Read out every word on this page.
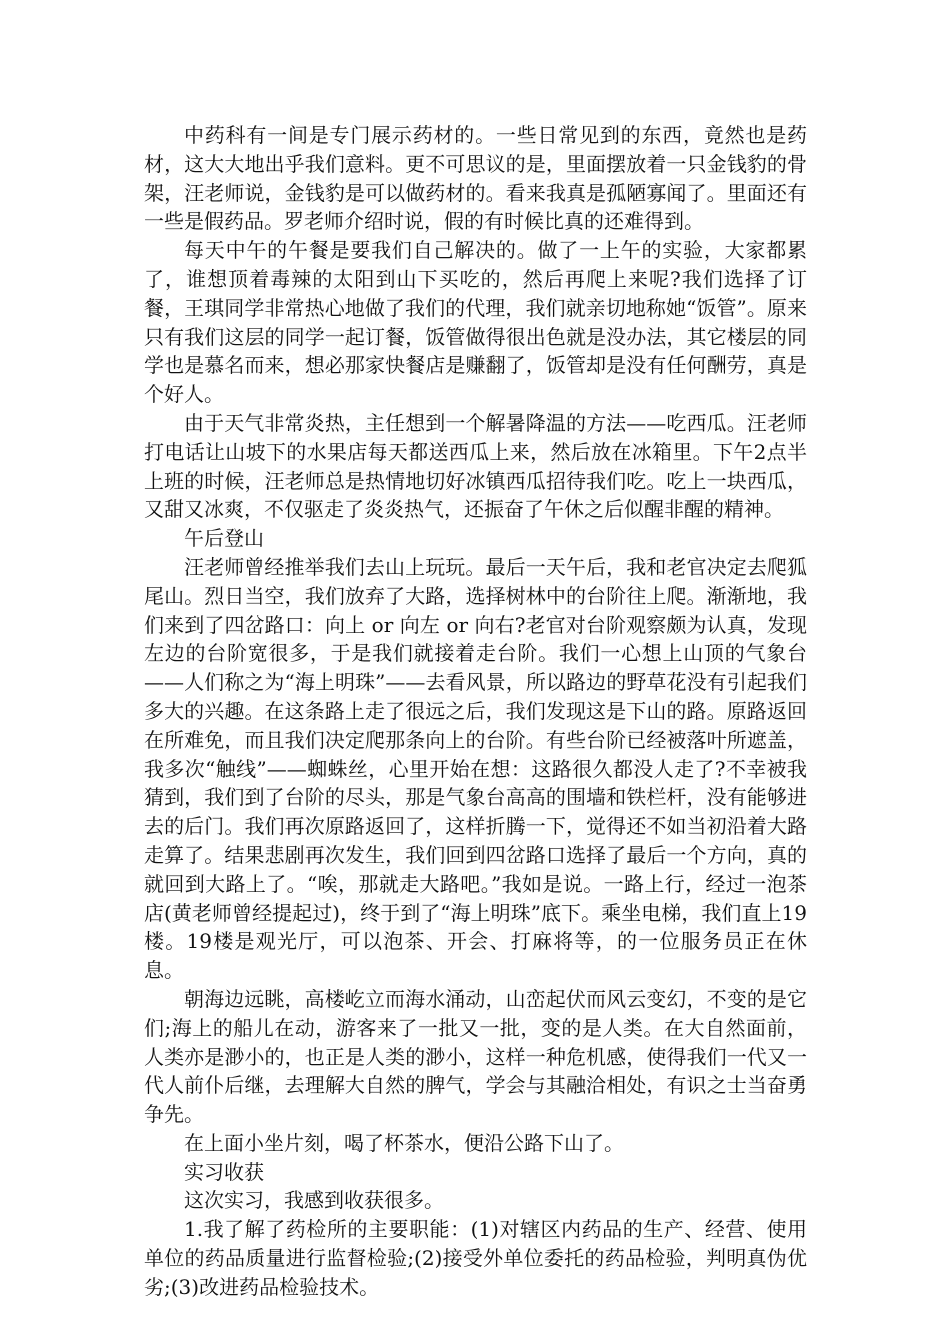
中药科有一间是专门展示药材的。一些日常见到的东西，竟然也是药材，这大大地出乎我们意料。更不可思议的是，里面摆放着一只金钱豹的骨架，汪老师说，金钱豹是可以做药材的。看来我真是孤陋寡闻了。里面还有一些是假药品。罗老师介绍时说，假的有时候比真的还难得到。

每天中午的午餐是要我们自己解决的。做了一上午的实验，大家都累了，谁想顶着毒辣的太阳到山下买吃的，然后再爬上来呢?我们选择了订餐，王琪同学非常热心地做了我们的代理，我们就亲切地称她“饭管”。原来只有我们这层的同学一起订餐，饭管做得很出色就是没办法，其它楼层的同学也是慕名而来，想必那家快餐店是赚翻了，饭管却是没有任何酬劳，真是个好人。

由于天气非常炎热，主任想到一个解暑降温的方法——吃西瓜。汪老师打电话让山坡下的水果店每天都送西瓜上来，然后放在冰箱里。下午2点半上班的时候，汪老师总是热情地切好冰镇西瓜招待我们吃。吃上一块西瓜，又甜又冰爽，不仅驱走了炎炎热气，还振奋了午休之后似醒非醒的精神。

午后登山

汪老师曾经推举我们去山上玩玩。最后一天午后，我和老官决定去爬狐尾山。烈日当空，我们放弃了大路，选择树林中的台阶往上爬。渐渐地，我们来到了四岔路口：向上 or 向左 or 向右?老官对台阶观察颇为认真，发现左边的台阶宽很多，于是我们就接着走台阶。我们一心想上山顶的气象台——人们称之为“海上明珠”——去看风景，所以路边的野草花没有引起我们多大的兴趣。在这条路上走了很远之后，我们发现这是下山的路。原路返回在所难免，而且我们决定爬那条向上的台阶。有些台阶已经被落叶所遮盖，我多次“触线”——蜘蛛丝，心里开始在想：这路很久都没人走了?不幸被我猜到，我们到了台阶的尽头，那是气象台高高的围墙和铁栏杆，没有能够进去的后门。我们再次原路返回了，这样折腾一下，觉得还不如当初沿着大路走算了。结果悲剧再次发生，我们回到四岔路口选择了最后一个方向，真的就回到大路上了。“唉，那就走大路吧。”我如是说。一路上行，经过一泡茶店(黄老师曾经提起过)，终于到了“海上明珠”底下。乘坐电梯，我们直上19楼。19楼是观光厅，可以泡茶、开会、打麻将等，的一位服务员正在休息。

朝海边远眺，高楼屹立而海水涌动，山峦起伏而风云变幻，不变的是它们;海上的船儿在动，游客来了一批又一批，变的是人类。在大自然面前，人类亦是渺小的，也正是人类的渺小，这样一种危机感，使得我们一代又一代人前仆后继，去理解大自然的脾气，学会与其融洽相处，有识之士当奋勇争先。

在上面小坐片刻，喝了杯茶水，便沿公路下山了。

实习收获

这次实习，我感到收获很多。

1.我了解了药检所的主要职能：(1)对辖区内药品的生产、经营、使用单位的药品质量进行监督检验;(2)接受外单位委托的药品检验，判明真伪优劣;(3)改进药品检验技术。
